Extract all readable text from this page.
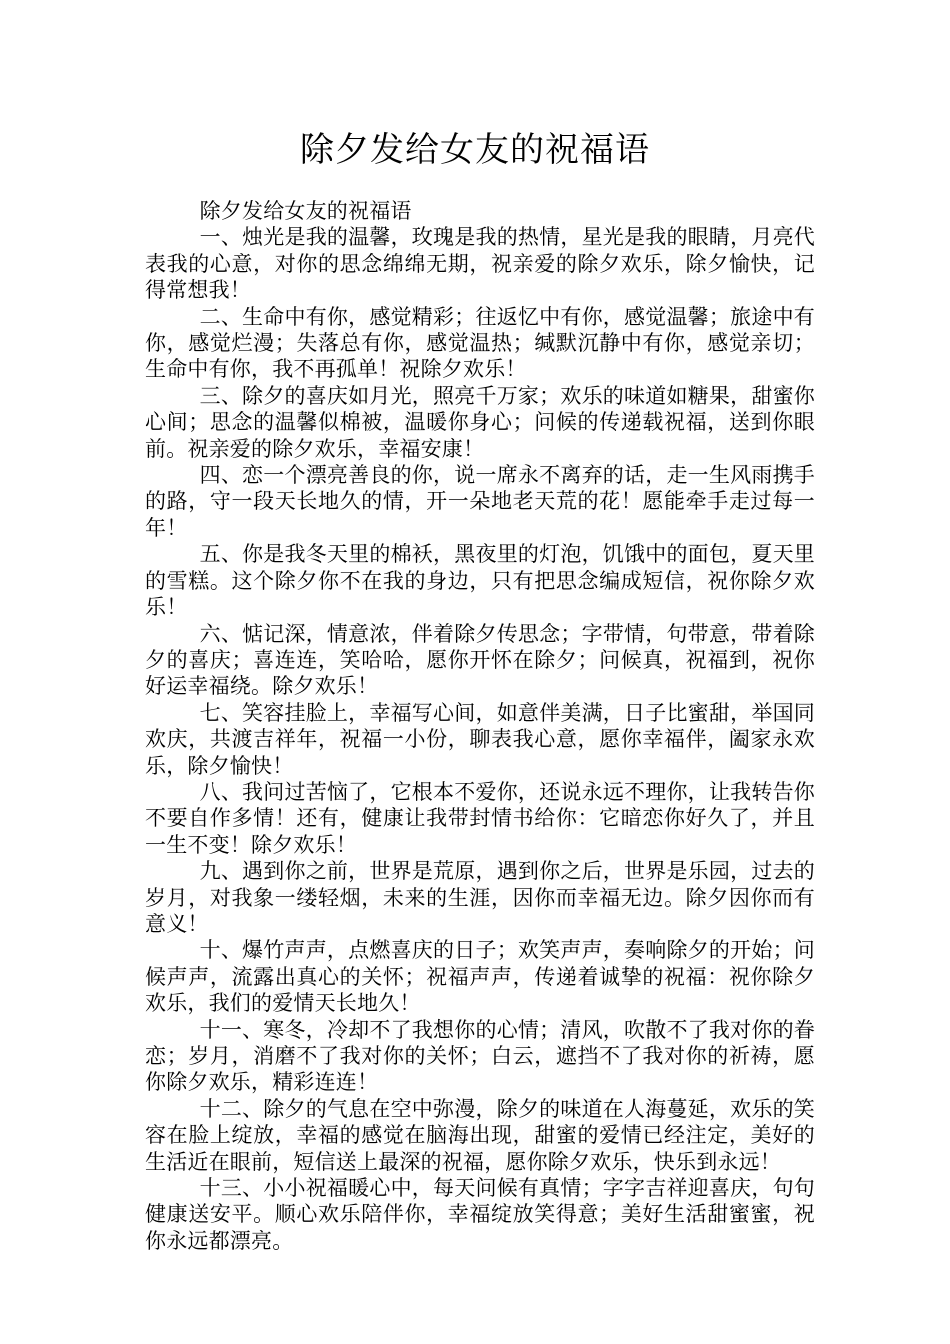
除夕发给女友的祝福语

除夕发给女友的祝福语

一、烛光是我的温馨，玫瑰是我的热情，星光是我的眼睛，月亮代表我的心意，对你的思念绵绵无期，祝亲爱的除夕欢乐，除夕愉快，记得常想我！

二、生命中有你，感觉精彩；往返忆中有你，感觉温馨；旅途中有你，感觉烂漫；失落总有你，感觉温热；缄默沉静中有你，感觉亲切；生命中有你，我不再孤单！祝除夕欢乐！

三、除夕的喜庆如月光，照亮千万家；欢乐的味道如糖果，甜蜜你心间；思念的温馨似棉被，温暖你身心；问候的传递载祝福，送到你眼前。祝亲爱的除夕欢乐，幸福安康！

四、恋一个漂亮善良的你，说一席永不离弃的话，走一生风雨携手的路，守一段天长地久的情，开一朵地老天荒的花！愿能牵手走过每一年！

五、你是我冬天里的棉袄，黑夜里的灯泡，饥饿中的面包，夏天里的雪糕。这个除夕你不在我的身边，只有把思念编成短信，祝你除夕欢乐！

六、惦记深，情意浓，伴着除夕传思念；字带情，句带意，带着除夕的喜庆；喜连连，笑哈哈，愿你开怀在除夕；问候真，祝福到，祝你好运幸福绕。除夕欢乐！

七、笑容挂脸上，幸福写心间，如意伴美满，日子比蜜甜，举国同欢庆，共渡吉祥年，祝福一小份，聊表我心意，愿你幸福伴，阖家永欢乐，除夕愉快！

八、我问过苦恼了，它根本不爱你，还说永远不理你，让我转告你不要自作多情！还有，健康让我带封情书给你：它暗恋你好久了，并且一生不变！除夕欢乐！

九、遇到你之前，世界是荒原，遇到你之后，世界是乐园，过去的岁月，对我象一缕轻烟，未来的生涯，因你而幸福无边。除夕因你而有意义！

十、爆竹声声，点燃喜庆的日子；欢笑声声，奏响除夕的开始；问候声声，流露出真心的关怀；祝福声声，传递着诚挚的祝福：祝你除夕欢乐，我们的爱情天长地久！

十一、寒冬，冷却不了我想你的心情；清风，吹散不了我对你的眷恋；岁月，消磨不了我对你的关怀；白云，遮挡不了我对你的祈祷，愿你除夕欢乐，精彩连连！

十二、除夕的气息在空中弥漫，除夕的味道在人海蔓延，欢乐的笑容在脸上绽放，幸福的感觉在脑海出现，甜蜜的爱情已经注定，美好的生活近在眼前，短信送上最深的祝福，愿你除夕欢乐，快乐到永远！

十三、小小祝福暖心中，每天问候有真情；字字吉祥迎喜庆，句句健康送安平。顺心欢乐陪伴你，幸福绽放笑得意；美好生活甜蜜蜜，祝你永远都漂亮。
